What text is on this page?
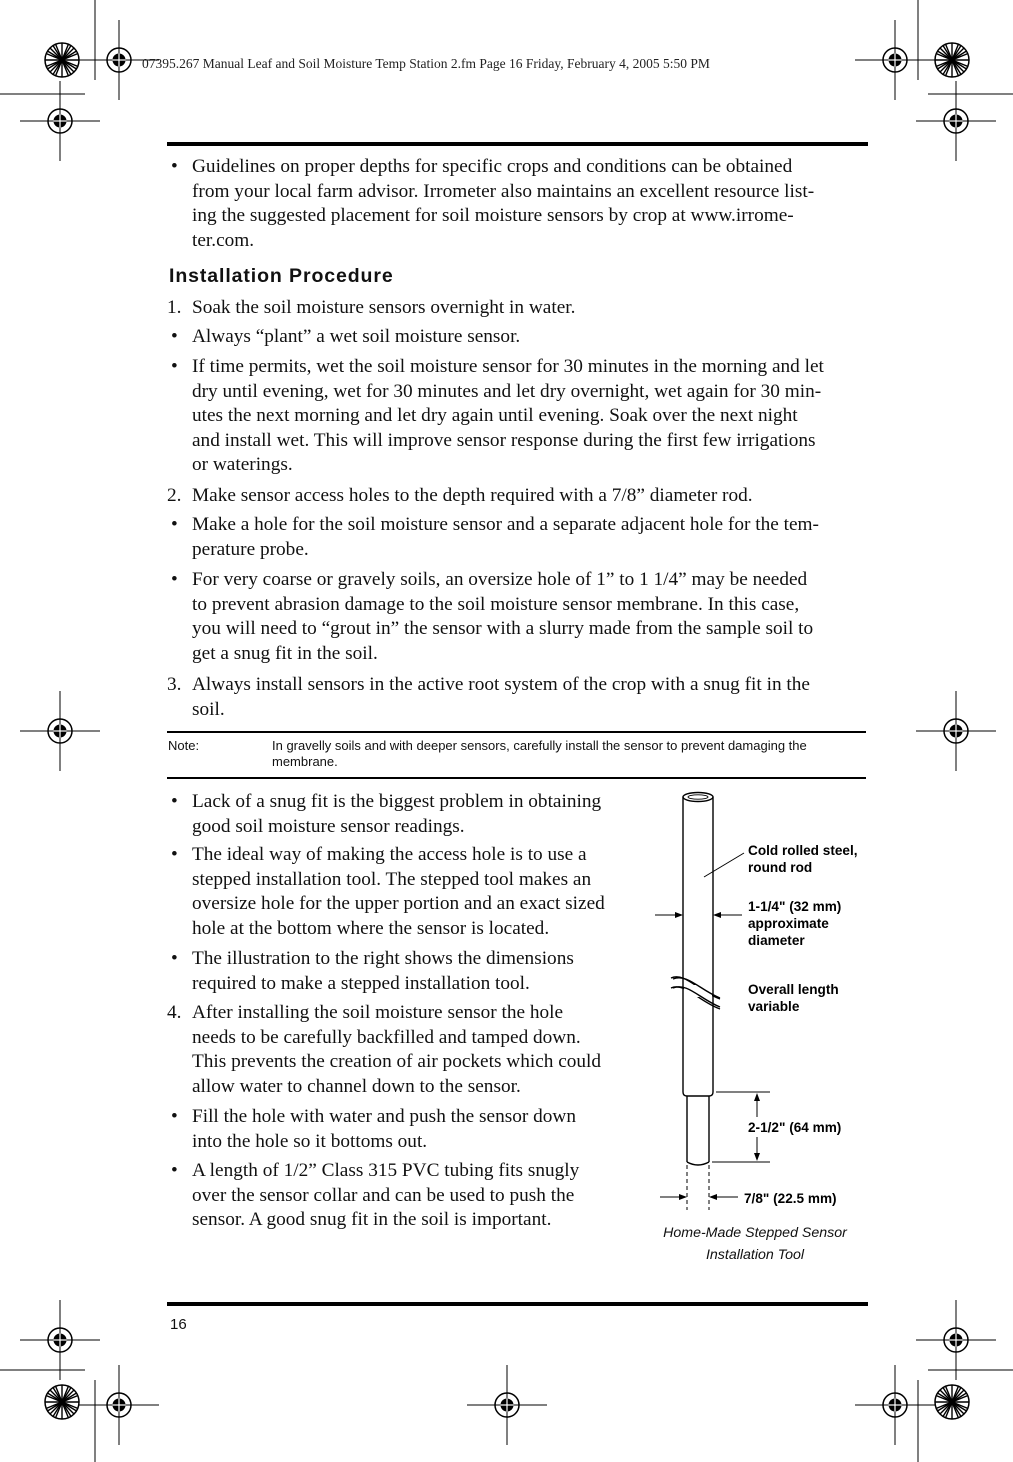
07395.267 Manual Leaf and Soil Moisture Temp Station 2.fm Page 16 Friday, February 4, 2005 5:50 PM
• Guidelines on proper depths for specific crops and conditions can be obtained
from your local farm advisor. Irrometer also maintains an excellent resource list-
ing the suggested placement for soil moisture sensors by crop at www.irrome-
ter.com.
Installation Procedure
1. Soak the soil moisture sensors overnight in water.
• Always “plant” a wet soil moisture sensor.
• If time permits, wet the soil moisture sensor for 30 minutes in the morning and let
dry until evening, wet for 30 minutes and let dry overnight, wet again for 30 min-
utes the next morning and let dry again until evening. Soak over the next night
and install wet. This will improve sensor response during the first few irrigations
or waterings.
2. Make sensor access holes to the depth required with a 7/8” diameter rod.
• Make a hole for the soil moisture sensor and a separate adjacent hole for the tem-
perature probe.
• For very coarse or gravely soils, an oversize hole of 1” to 1 1/4” may be needed
to prevent abrasion damage to the soil moisture sensor membrane. In this case,
you will need to “grout in” the sensor with a slurry made from the sample soil to
get a snug fit in the soil.
3. Always install sensors in the active root system of the crop with a snug fit in the
soil.
Note:	In gravelly soils and with deeper sensors, carefully install the sensor to prevent damaging the
membrane.
• Lack of a snug fit is the biggest problem in obtaining
good soil moisture sensor readings.
• The ideal way of making the access hole is to use a
stepped installation tool. The stepped tool makes an
oversize hole for the upper portion and an exact sized
hole at the bottom where the sensor is located.
• The illustration to the right shows the dimensions
required to make a stepped installation tool.
4. After installing the soil moisture sensor the hole
needs to be carefully backfilled and tamped down.
This prevents the creation of air pockets which could
allow water to channel down to the sensor.
• Fill the hole with water and push the sensor down
into the hole so it bottoms out.
• A length of 1/2” Class 315 PVC tubing fits snugly
over the sensor collar and can be used to push the
sensor. A good snug fit in the soil is important.
Cold rolled steel,
round rod
1-1/4" (32 mm)
approximate
diameter
Overall length
variable
2-1/2" (64 mm)
7/8" (22.5 mm)
Home-Made Stepped Sensor
Installation Tool
16
